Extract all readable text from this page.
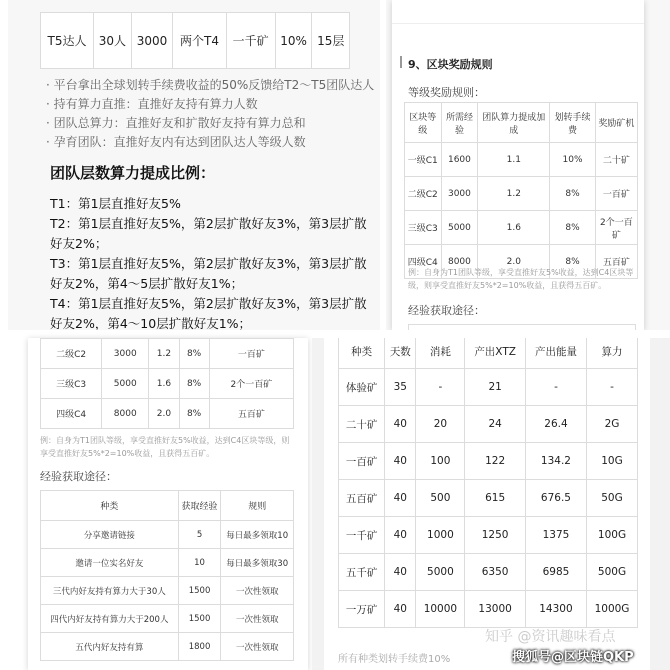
T5达人	30人	3000	两个T4	一千矿	10%	15层
· 平台拿出全球划转手续费收益的50%反馈给T2～T5团队达人
· 持有算力直推：直推好友持有算力人数
· 团队总算力：直推好友和扩散好友持有算力总和
· 孕育团队：直推好友内有达到团队达人等级人数
团队层数算力提成比例：

T1：第1层直推好友5%

T2：第1层直推好友5%，第2层扩散好友3%，第3层扩散好友2%；

T3：第1层直推好友5%，第2层扩散好友3%，第3层扩散好友2%，第4～5层扩散好友1%；

T4：第1层直推好友5%，第2层扩散好友3%，第3层扩散好友2%，第4～10层扩散好友1%；

9、区块奖励规则
等级奖励规则：
区块等级	所需经验	团队算力提成加成	划转手续费	奖励矿机
一级C1	1600	1.1	10%	二十矿
二级C2	3000	1.2	8%	一百矿
三级C3	5000	1.6	8%	2个一百矿
四级C4	8000	2.0	8%	五百矿
例：自身为T1团队等级，享受直推好友5%收益，达到C4区块等级，则享受直推好友5%*2=10%收益，且获得五百矿。
经验获取途径：
二级C2	3000	1.2	8%	一百矿
三级C3	5000	1.6	8%	2个一百矿
四级C4	8000	2.0	8%	五百矿
例：自身为T1团队等级，享受直推好友5%收益，达到C4区块等级，则享受直推好友5%*2=10%收益，且获得五百矿。
经验获取途径：
种类	获取经验	规则
分享邀请链接	5	每日最多领取10
邀请一位实名好友	10	每日最多领取30
三代内好友持有算力大于30人	1500	一次性领取
四代内好友持有算力大于200人	1500	一次性领取
五代内好友持有算	1800	一次性领取
种类	天数	消耗	产出XTZ	产出能量	算力
体验矿	35	-	21	-	-
二十矿	40	20	24	26.4	2G
一百矿	40	100	122	134.2	10G
五百矿	40	500	615	676.5	50G
一千矿	40	1000	1250	1375	100G
五千矿	40	5000	6350	6985	500G
一万矿	40	10000	13000	14300	1000G
所有种类划转手续费10%
知乎 @资讯趣味看点
搜狐号@区块链QKP
